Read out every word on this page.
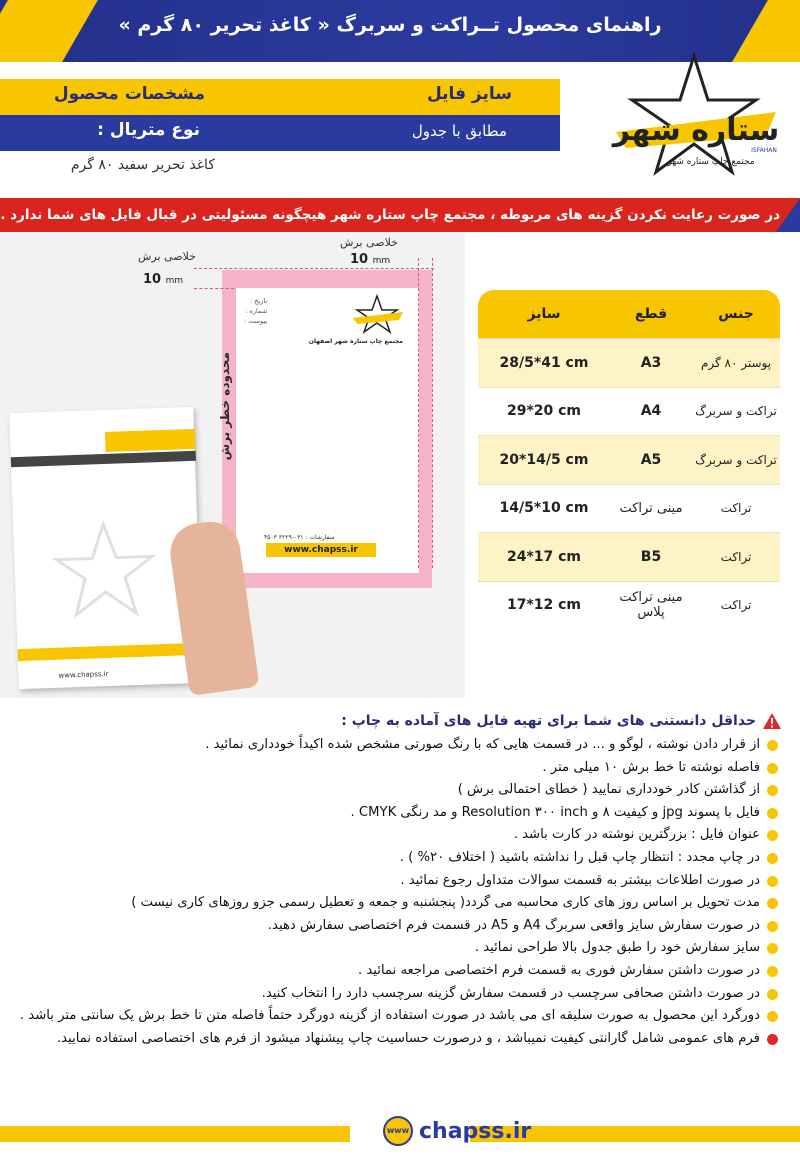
راهنمای محصول تــراکت و سربرگ « کاغذ تحریر ۸۰ گرم »
مشخصات محصول	سایز فایل
نوع متریال :	مطابق با جدول
کاغذ تحریر سفید ۸۰ گرم
ستاره شهر
مجتمع چاپ ستاره شهر
ISFAHAN
در صورت رعایت نکردن گزینه های مربوطه ، مجتمع چاپ ستاره شهر هیچگونه مسئولیتی در قبال فایل های شما ندارد .
تاریخ :
شماره :
پیوست :
مجتمع چاپ ستاره شهر اصفهان
سفارشات : ۰۳۱-۳۲۲۹ ۴۵۰۳
www.chapss.ir
محدوده خطر برش
خلاصی برش
10 mm
خلاصی برش
10 mm
www.chapss.ir
جنس
قطع
سایز
پوستر ۸۰ گرم
A3
28/5*41 cm
تراکت و سربرگ
A4
29*20 cm
تراکت و سربرگ
A5
20*14/5 cm
تراکت
مینی تراکت
14/5*10 cm
تراکت
B5
24*17 cm
تراکت
مینی تراکت پلاس
17*12 cm
حداقل دانستنی های شما برای تهیه فایل های آماده به چاپ :
از قرار دادن نوشته ، لوگو و ... در قسمت هایی که با رنگ صورتی مشخص شده اکیداً خودداری نمائید .
فاصله نوشته تا خط برش ۱۰ میلی متر .
از گذاشتن کادر خودداری نمایید ( خطای احتمالی برش )
فایل با پسوند jpg و کیفیت ۸ و Resolution ۳۰۰ inch و مد رنگی CMYK .
عنوان فایل : بزرگترین نوشته در کارت باشد .
در چاپ مجدد : انتظار چاپ قبل را نداشته باشید ( اختلاف ۲۰% ) .
در صورت اطلاعات بیشتر به قسمت سوالات متداول رجوع نمائید .
مدت تحویل بر اساس روز های کاری محاسبه می گردد( پنجشنبه و جمعه و تعطیل رسمی جزو روزهای کاری نیست )
در صورت سفارش سایز واقعی سربرگ A4 و A5 در قسمت فرم اختصاصی سفارش دهید.
سایز سفارش خود را طبق جدول بالا طراحی نمائید .
در صورت داشتن سفارش فوری به قسمت فرم اختصاصی مراجعه نمائید .
در صورت داشتن صحافی سرچسب در قسمت سفارش گزینه سرچسب دارد را انتخاب کنید.
دورگرد این محصول به صورت سلیقه ای می باشد در صورت استفاده از گزینه دورگرد حتماً فاصله متن تا خط برش یک سانتی متر باشد .
فرم های عمومی شامل گارانتی کیفیت نمیباشد ، و درصورت حساسیت چاپ پیشنهاد میشود از فرم های اختصاصی استفاده نمایید.
www chapss.ir
